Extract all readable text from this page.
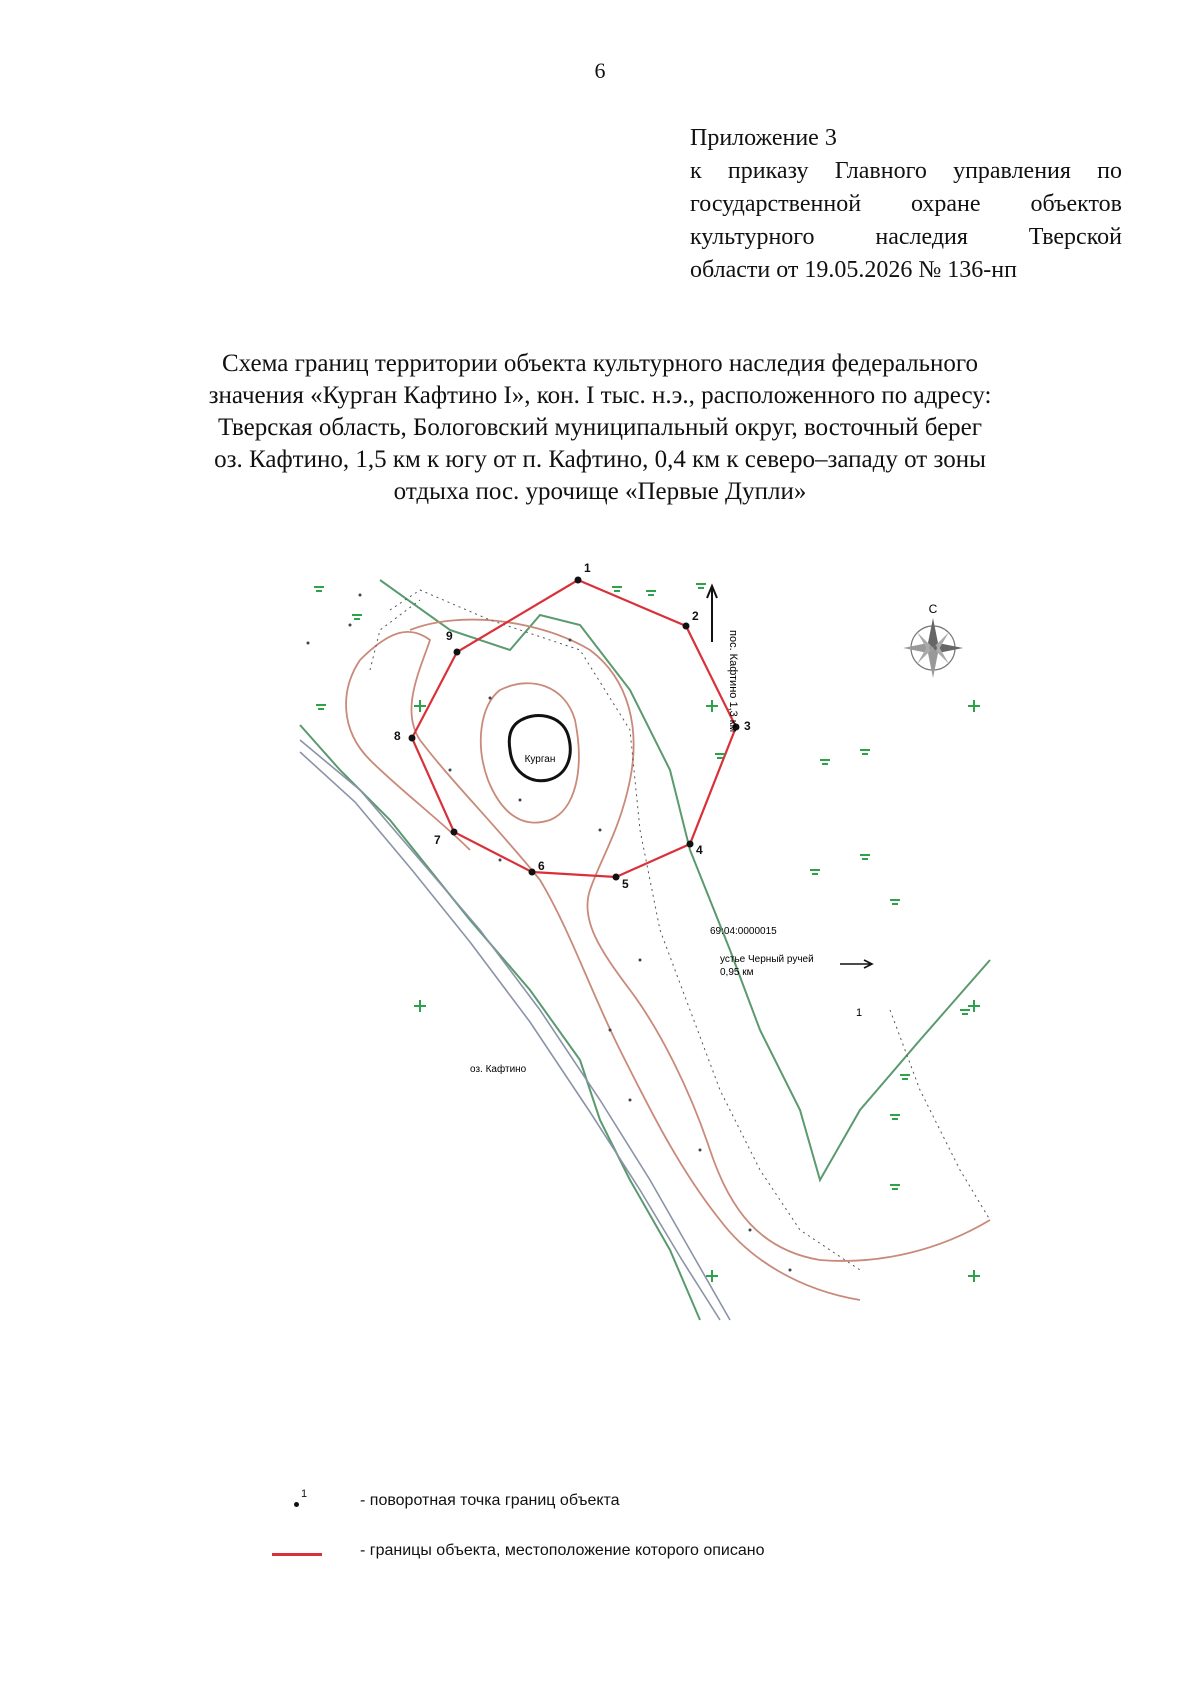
6
Приложение 3
к приказу Главного управления по
государственной охране объектов
культурного наследия Тверской
области от 19.05.2026 № 136-нп
Схема границ территории объекта культурного наследия федерального
значения «Курган Кафтино I», кон. I тыс. н.э., расположенного по адресу:
Тверская область, Бологовский муниципальный округ, восточный берег
оз. Кафтино, 1,5 км к югу от п. Кафтино, 0,4 км к северо–западу от зоны
отдыха пос. урочище «Первые Дупли»
Курган
1
2
3
4
5
6
7
8
9	пос. Кафтино 1,3 км
С
69:04:0000015
устье Черный ручей
0,95 км
1
оз. Кафтино
1	- поворотная точка границ объекта
- границы объекта, местоположение которого описано
